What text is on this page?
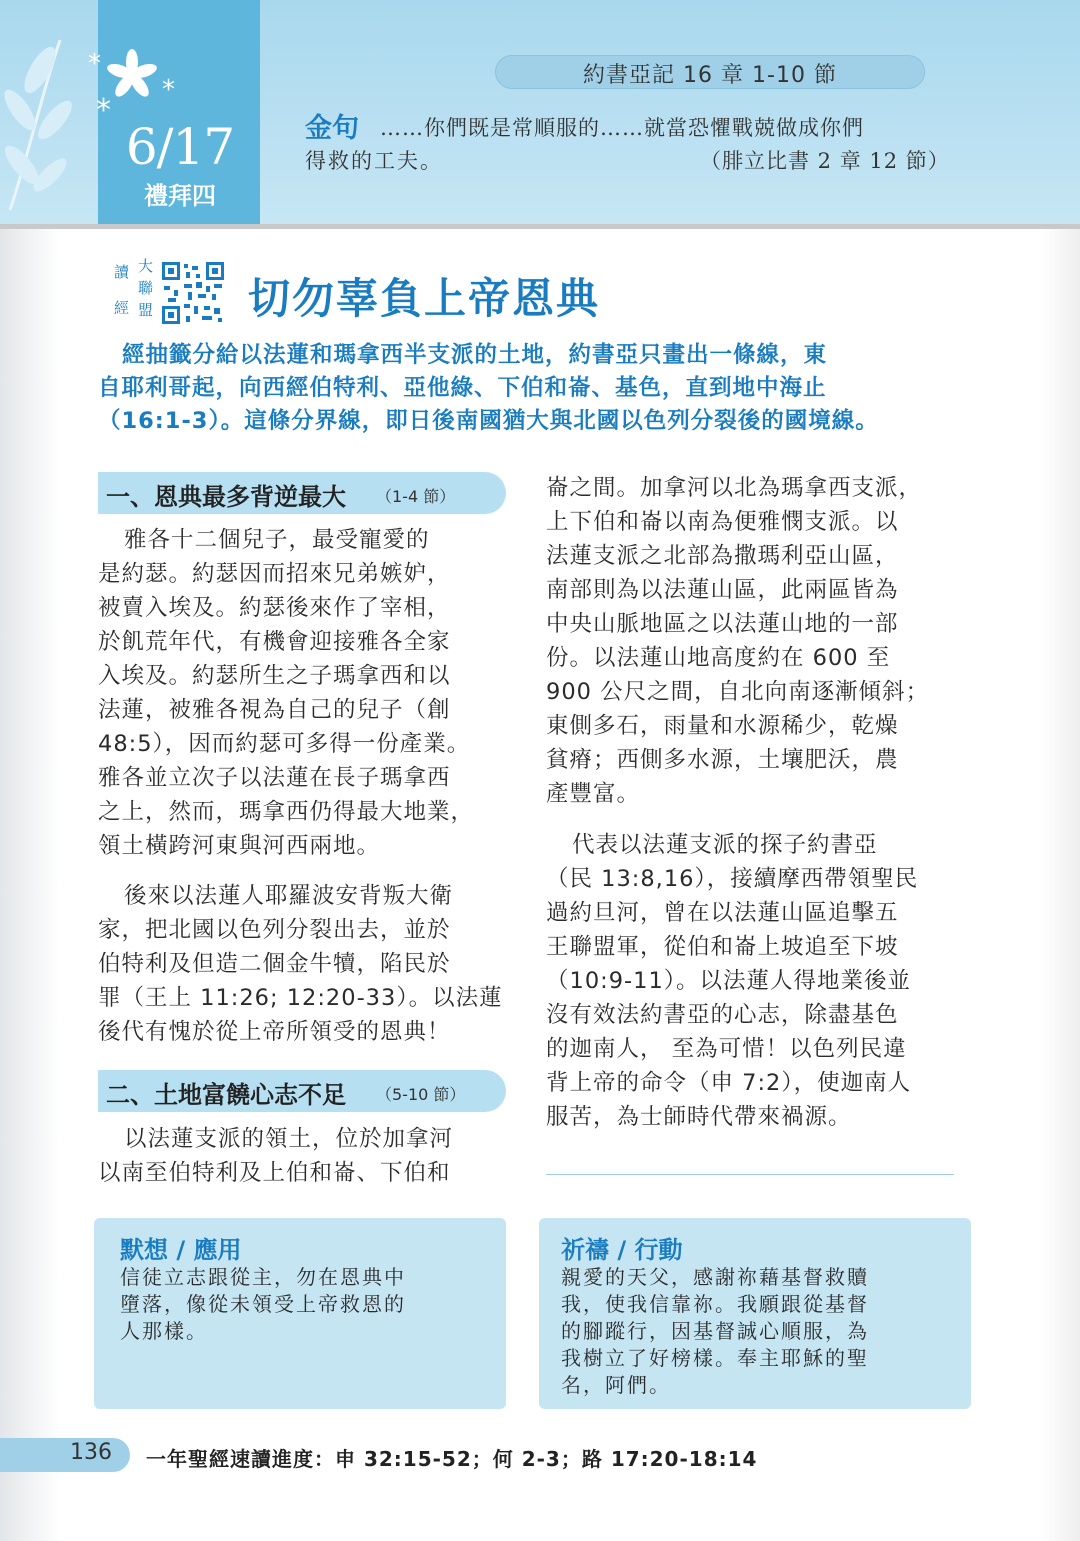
*
*
*
6/17
禮拜四
約書亞記 16 章 1-10 節
金句 ……你們既是常順服的……就當恐懼戰兢做成你們
得救的工夫。	（腓立比書 2 章 12 節）
讀
經
大
聯
盟 切勿辜負上帝恩典
經抽籤分給以法蓮和瑪拿西半支派的土地，約書亞只畫出一條線，東
自耶利哥起，向西經伯特利、亞他綠、下伯和崙、基色，直到地中海止
（16:1-3）。這條分界線，即日後南國猶大與北國以色列分裂後的國境線。
一、恩典最多背逆最大 （1-4 節）
雅各十二個兒子，最受寵愛的
是約瑟。約瑟因而招來兄弟嫉妒，
被賣入埃及。約瑟後來作了宰相，
於飢荒年代，有機會迎接雅各全家
入埃及。約瑟所生之子瑪拿西和以
法蓮，被雅各視為自己的兒子（創
48:5），因而約瑟可多得一份產業。
雅各並立次子以法蓮在長子瑪拿西
之上，然而，瑪拿西仍得最大地業，
領土橫跨河東與河西兩地。
後來以法蓮人耶羅波安背叛大衛
家，把北國以色列分裂出去，並於
伯特利及但造二個金牛犢，陷民於
罪（王上 11:26; 12:20-33）。以法蓮
後代有愧於從上帝所領受的恩典！
二、土地富饒心志不足 （5-10 節）
以法蓮支派的領土，位於加拿河
以南至伯特利及上伯和崙、下伯和
崙之間。加拿河以北為瑪拿西支派，
上下伯和崙以南為便雅憫支派。以
法蓮支派之北部為撒瑪利亞山區，
南部則為以法蓮山區，此兩區皆為
中央山脈地區之以法蓮山地的一部
份。以法蓮山地高度約在 600 至
900 公尺之間，自北向南逐漸傾斜；
東側多石，雨量和水源稀少，乾燥
貧瘠；西側多水源，土壤肥沃，農
產豐富。
代表以法蓮支派的探子約書亞
（民 13:8,16），接續摩西帶領聖民
過約旦河，曾在以法蓮山區追擊五
王聯盟軍，從伯和崙上坡追至下坡
（10:9-11）。以法蓮人得地業後並
沒有效法約書亞的心志，除盡基色
的迦南人， 至為可惜！以色列民違
背上帝的命令（申 7:2），使迦南人
服苦，為士師時代帶來禍源。
默想 / 應用
信徒立志跟從主，勿在恩典中
墮落，像從未領受上帝救恩的
人那樣。
祈禱 / 行動
親愛的天父，感謝祢藉基督救贖
我，使我信靠祢。我願跟從基督
的腳蹤行，因基督誠心順服，為
我樹立了好榜樣。奉主耶穌的聖
名，阿們。
136 一年聖經速讀進度：申 32:15-52；何 2-3；路 17:20-18:14
